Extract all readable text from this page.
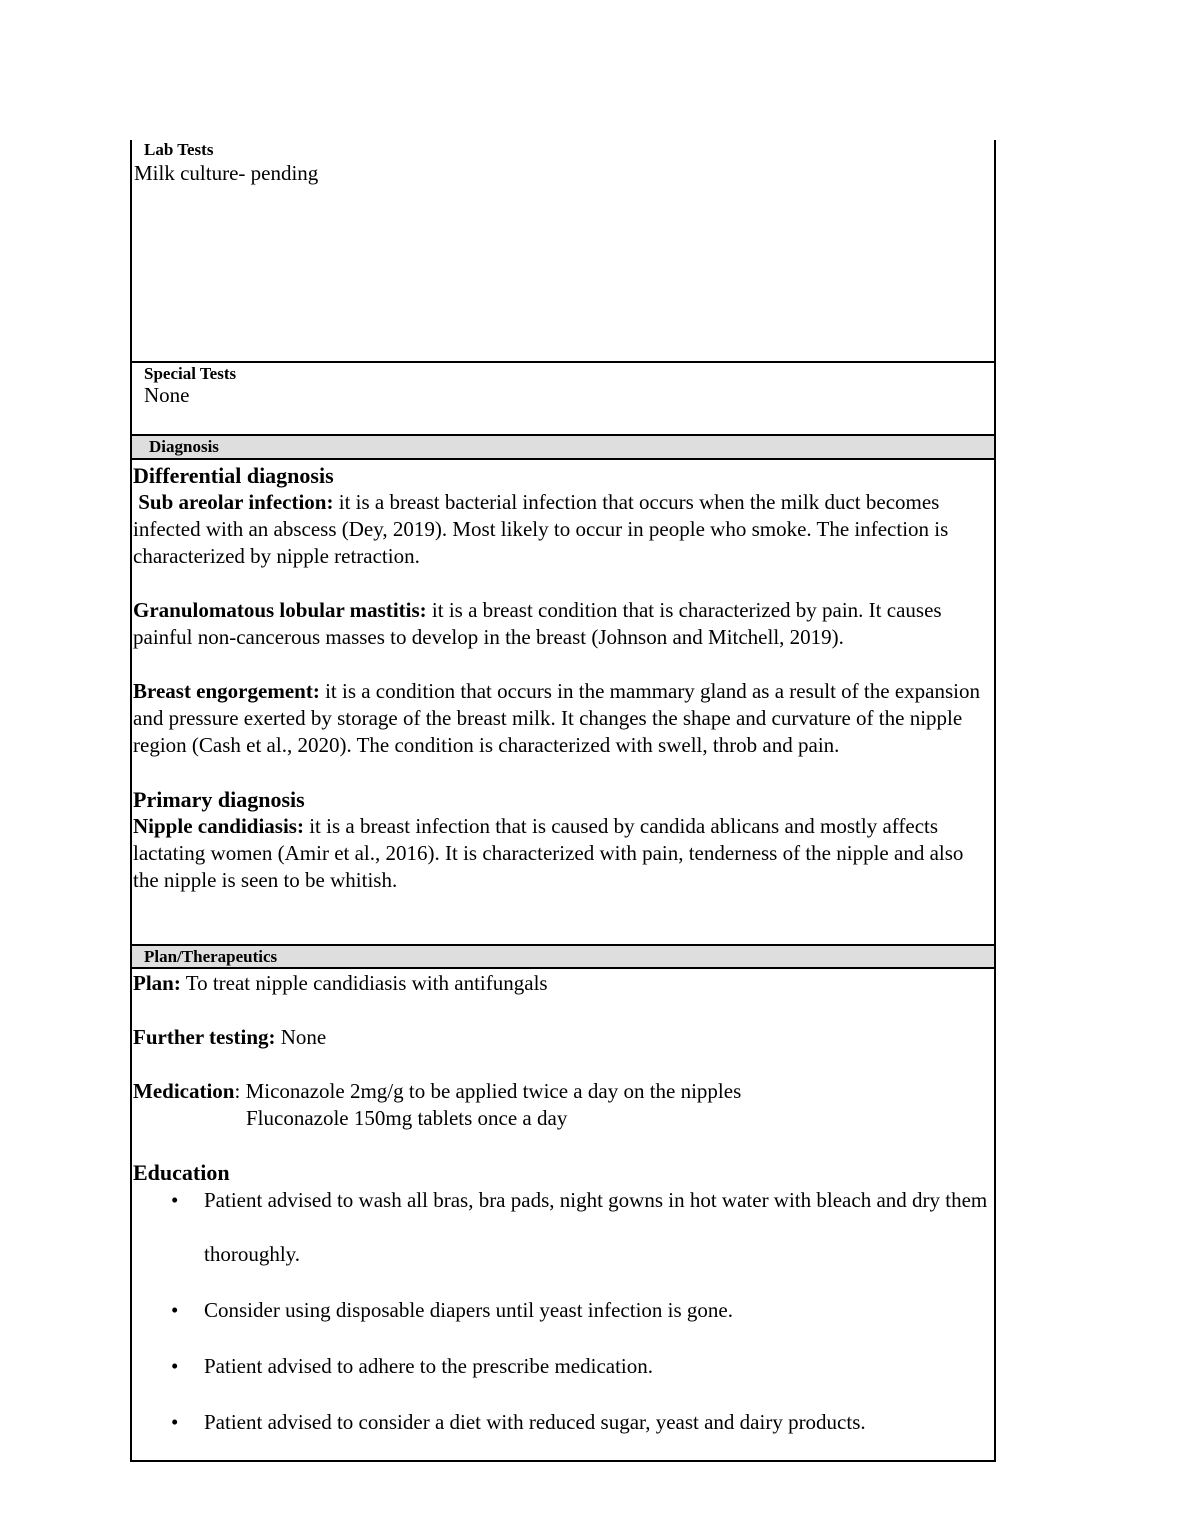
Lab Tests
Milk culture- pending
Special Tests
None
Diagnosis
Differential diagnosis

Sub areolar infection: it is a breast bacterial infection that occurs when the milk duct becomes infected with an abscess (Dey, 2019). Most likely to occur in people who smoke. The infection is characterized by nipple retraction.

Granulomatous lobular mastitis: it is a breast condition that is characterized by pain. It causes painful non-cancerous masses to develop in the breast (Johnson and Mitchell, 2019).

Breast engorgement: it is a condition that occurs in the mammary gland as a result of the expansion and pressure exerted by storage of the breast milk. It changes the shape and curvature of the nipple region (Cash et al., 2020). The condition is characterized with swell, throb and pain.

Primary diagnosis

Nipple candidiasis: it is a breast infection that is caused by candida ablicans and mostly affects lactating women (Amir et al., 2016). It is characterized with pain, tenderness of the nipple and also the nipple is seen to be whitish.

Plan/Therapeutics

Plan: To treat nipple candidiasis with antifungals

Further testing: None

Medication: Miconazole 2mg/g to be applied twice a day on the nipples

Fluconazole 150mg tablets once a day

Education
• Patient advised to wash all bras, bra pads, night gowns in hot water with bleach and dry them thoroughly.
• Consider using disposable diapers until yeast infection is gone.
• Patient advised to adhere to the prescribe medication.
• Patient advised to consider a diet with reduced sugar, yeast and dairy products.
